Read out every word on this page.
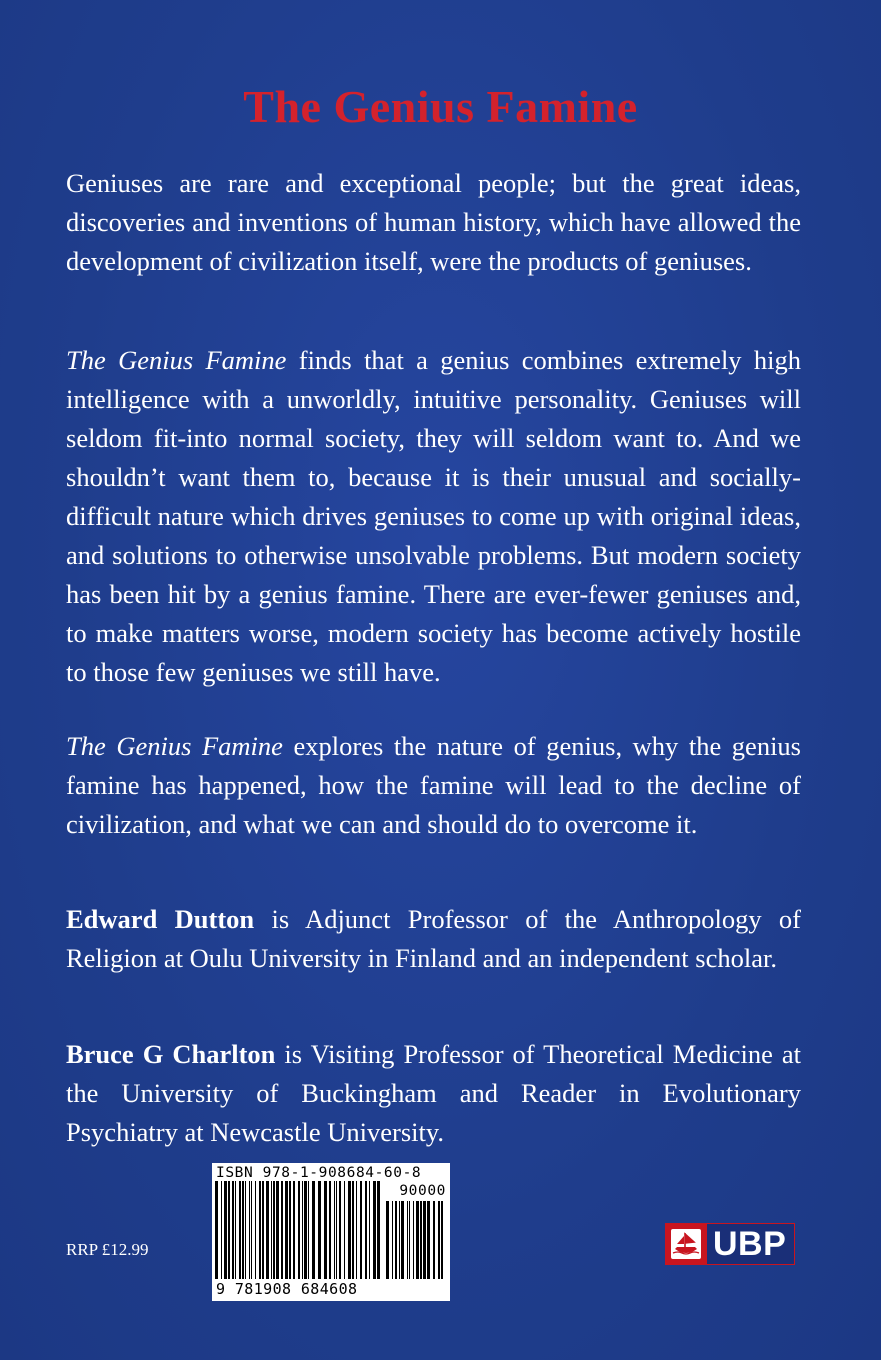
The Genius Famine

Geniuses are rare and exceptional people; but the great ideas, discoveries and inventions of human history, which have allowed the development of civilization itself, were the products of geniuses.

The Genius Famine finds that a genius combines extremely high intelligence with a unworldly, intuitive personality. Geniuses will seldom fit-into normal society, they will seldom want to. And we shouldn’t want them to, because it is their unusual and socially-difficult nature which drives geniuses to come up with original ideas, and solutions to otherwise unsolvable problems. But modern society has been hit by a genius famine. There are ever-fewer geniuses and, to make matters worse, modern society has become actively hostile to those few geniuses we still have.

The Genius Famine explores the nature of genius, why the genius famine has happened, how the famine will lead to the decline of civilization, and what we can and should do to overcome it.

Edward Dutton is Adjunct Professor of the Anthropology of Religion at Oulu University in Finland and an independent scholar.

Bruce G Charlton is Visiting Professor of Theoretical Medicine at the University of Buckingham and Reader in Evolutionary Psychiatry at Newcastle University.

ISBN 978-1-908684-60-8
90000
9 781908 684608
RRP £12.99	UBP
